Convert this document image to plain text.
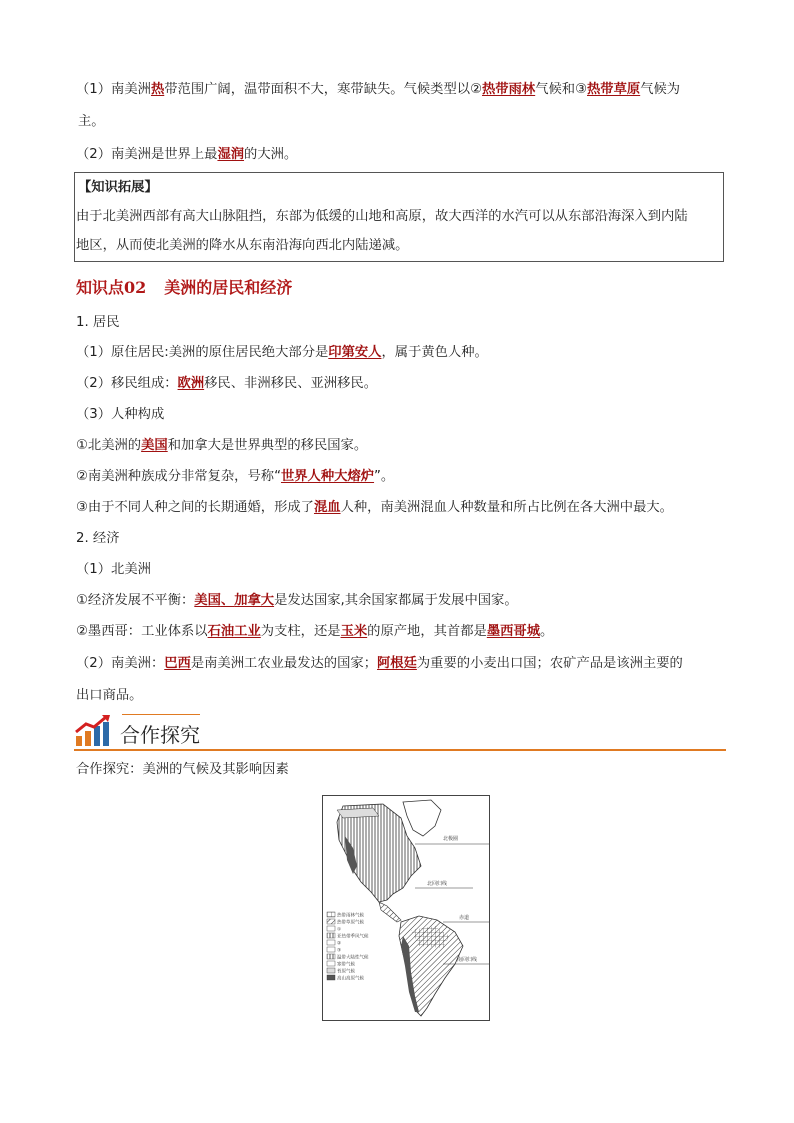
（1）南美洲热带范围广阔，温带面积不大，寒带缺失。气候类型以②热带雨林气候和③热带草原气候为
主。
（2）南美洲是世界上最湿润的大洲。
【知识拓展】
由于北美洲西部有高大山脉阻挡，东部为低缓的山地和高原，故大西洋的水汽可以从东部沿海深入到内陆
地区，从而使北美洲的降水从东南沿海向西北内陆递减。
知识点02 美洲的居民和经济
1. 居民
（1）原住居民:美洲的原住居民绝大部分是印第安人，属于黄色人种。
（2）移民组成：欧洲移民、非洲移民、亚洲移民。
（3）人种构成
①北美洲的美国和加拿大是世界典型的移民国家。
②南美洲种族成分非常复杂，号称“世界人种大熔炉”。
③由于不同人种之间的长期通婚，形成了混血人种，南美洲混血人种数量和所占比例在各大洲中最大。
2. 经济
（1）北美洲
①经济发展不平衡：美国、加拿大是发达国家,其余国家都属于发展中国家。
②墨西哥：工业体系以石油工业为支柱，还是玉米的原产地，其首都是墨西哥城。
（2）南美洲：巴西是南美洲工农业最发达的国家；阿根廷为重要的小麦出口国；农矿产品是该洲主要的
出口商品。
合作探究
合作探究：美洲的气候及其影响因素
北极圈
北回归线
赤道
南回归线
热带雨林气候
热带草原气候
①
亚热带季风气候
②
③
温带大陆性气候
寒带气候
苔原气候
高山高原气候
